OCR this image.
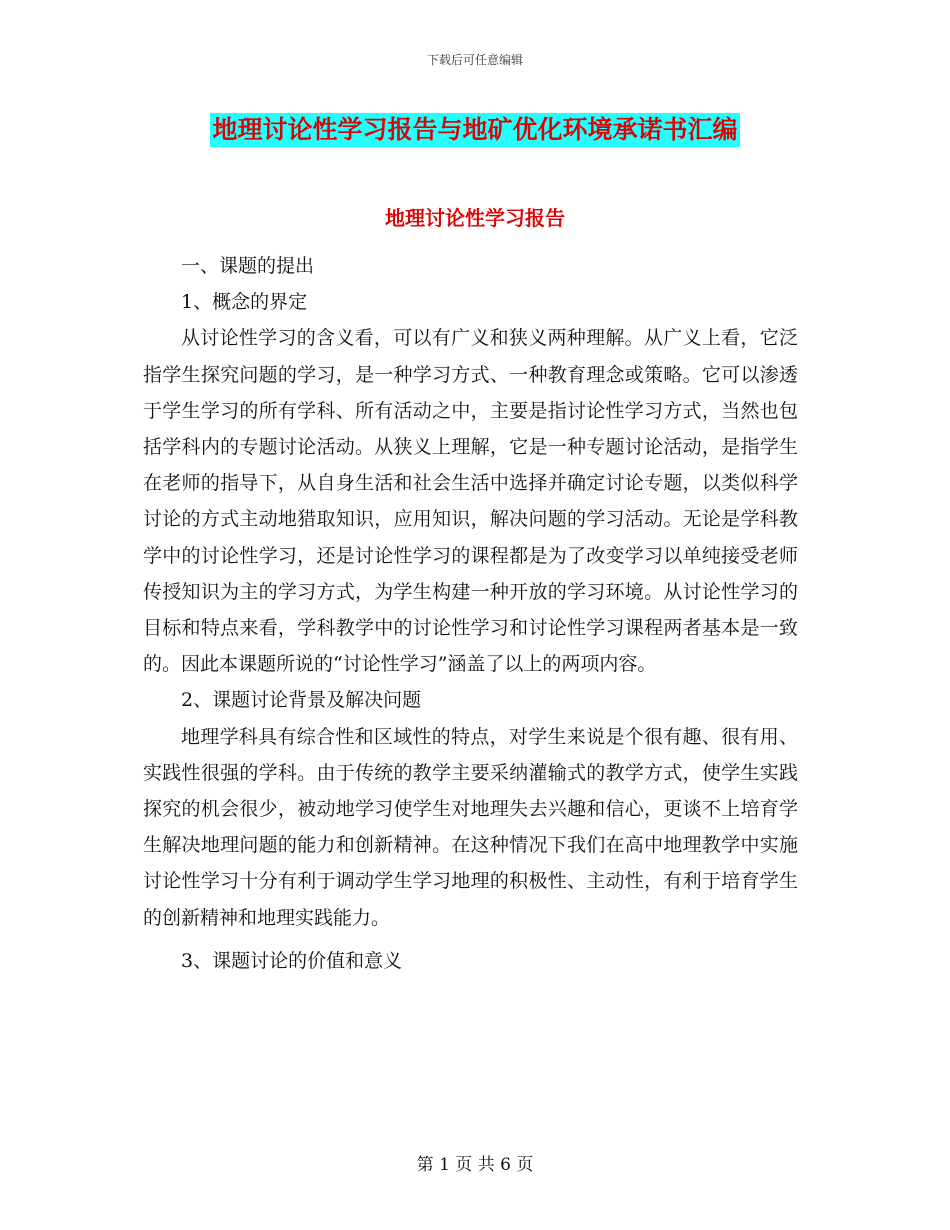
下载后可任意编辑
地理讨论性学习报告与地矿优化环境承诺书汇编
地理讨论性学习报告

一、课题的提出

1、概念的界定

从讨论性学习的含义看，可以有广义和狭义两种理解。从广义上看，它泛指学生探究问题的学习，是一种学习方式、一种教育理念或策略。它可以渗透于学生学习的所有学科、所有活动之中，主要是指讨论性学习方式，当然也包括学科内的专题讨论活动。从狭义上理解，它是一种专题讨论活动，是指学生在老师的指导下，从自身生活和社会生活中选择并确定讨论专题，以类似科学讨论的方式主动地猎取知识，应用知识，解决问题的学习活动。无论是学科教学中的讨论性学习，还是讨论性学习的课程都是为了改变学习以单纯接受老师传授知识为主的学习方式，为学生构建一种开放的学习环境。从讨论性学习的目标和特点来看，学科教学中的讨论性学习和讨论性学习课程两者基本是一致的。因此本课题所说的“讨论性学习”涵盖了以上的两项内容。

2、课题讨论背景及解决问题

地理学科具有综合性和区域性的特点，对学生来说是个很有趣、很有用、实践性很强的学科。由于传统的教学主要采纳灌输式的教学方式，使学生实践探究的机会很少，被动地学习使学生对地理失去兴趣和信心，更谈不上培育学生解决地理问题的能力和创新精神。在这种情况下我们在高中地理教学中实施讨论性学习十分有利于调动学生学习地理的积极性、主动性，有利于培育学生的创新精神和地理实践能力。

3、课题讨论的价值和意义

第 1 页 共 6 页
